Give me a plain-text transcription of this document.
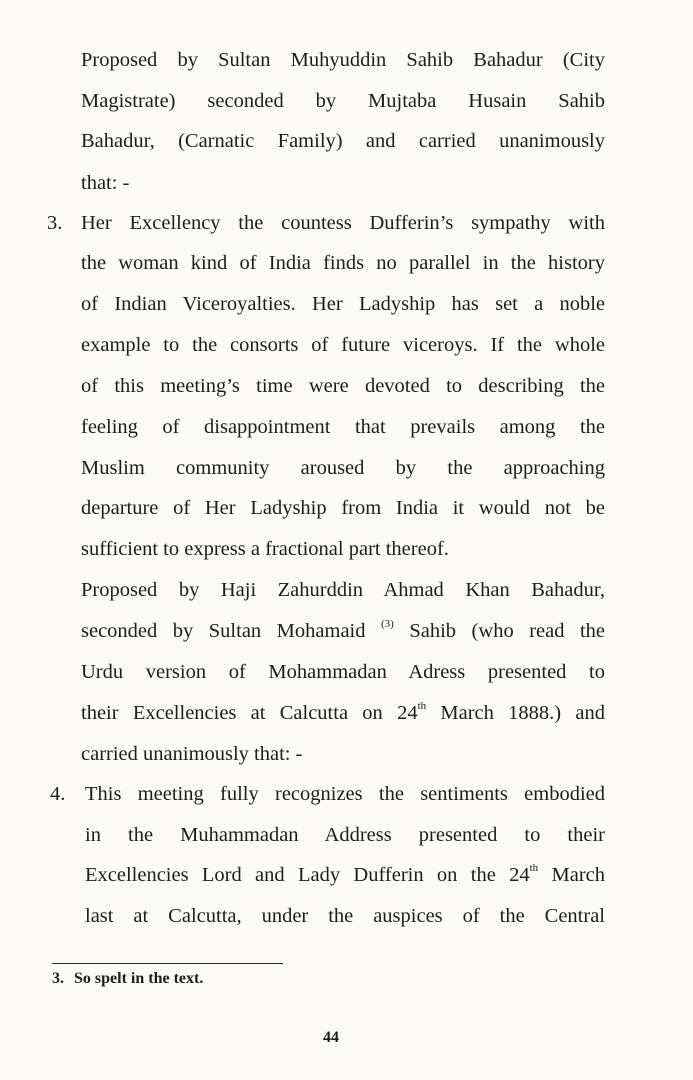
Proposed by Sultan Muhyuddin Sahib Bahadur (City
Magistrate) seconded by Mujtaba Husain Sahib
Bahadur, (Carnatic Family) and carried unanimously
that: -
3. Her Excellency the countess Dufferin’s sympathy with
the woman kind of India finds no parallel in the history
of Indian Viceroyalties. Her Ladyship has set a noble
example to the consorts of future viceroys. If the whole
of this meeting’s time were devoted to describing the
feeling of disappointment that prevails among the
Muslim community aroused by the approaching
departure of Her Ladyship from India it would not be
sufficient to express a fractional part thereof.
Proposed by Haji Zahurddin Ahmad Khan Bahadur,
seconded by Sultan Mohamaid $^{(3)}$ Sahib (who read the
Urdu version of Mohammadan Adress presented to
their Excellencies at Calcutta on 24th March 1888.) and
carried unanimously that: -
4. This meeting fully recognizes the sentiments embodied
in the Muhammadan Address presented to their
Excellencies Lord and Lady Dufferin on the 24th March
last at Calcutta, under the auspices of the Central
3. So spelt in the text.
44
